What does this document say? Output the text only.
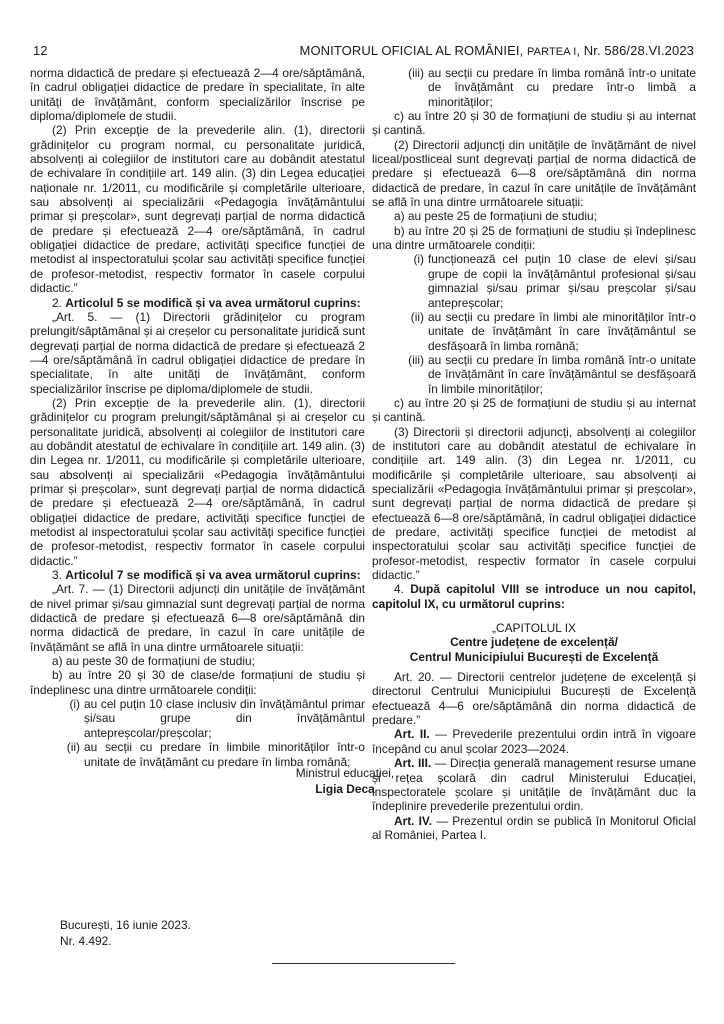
12	MONITORUL OFICIAL AL ROMÂNIEI, PARTEA I, Nr. 586/28.VI.2023

norma didactică de predare și efectuează 2—4 ore/săptămână, în cadrul obligației didactice de predare în specialitate, în alte unități de învățământ, conform specializărilor înscrise pe diploma/diplomele de studii.

(2) Prin excepție de la prevederile alin. (1), directorii grădinițelor cu program normal, cu personalitate juridică, absolvenți ai colegiilor de institutori care au dobândit atestatul de echivalare în condițiile art. 149 alin. (3) din Legea educației naționale nr. 1/2011, cu modificările și completările ulterioare, sau absolvenți ai specializării «Pedagogia învățământului primar și preșcolar», sunt degrevați parțial de norma didactică de predare și efectuează 2—4 ore/săptămână, în cadrul obligației didactice de predare, activități specifice funcției de metodist al inspectoratului școlar sau activități specifice funcției de profesor-metodist, respectiv formator în casele corpului didactic.”

2. Articolul 5 se modifică și va avea următorul cuprins:

„Art. 5. — (1) Directorii grădinițelor cu program prelungit/săptămânal și ai creșelor cu personalitate juridică sunt degrevați parțial de norma didactică de predare și efectuează 2—4 ore/săptămână în cadrul obligației didactice de predare în specialitate, în alte unități de învățământ, conform specializărilor înscrise pe diploma/diplomele de studii.

(2) Prin excepție de la prevederile alin. (1), directorii grădinițelor cu program prelungit/săptămânal și ai creșelor cu personalitate juridică, absolvenți ai colegiilor de institutori care au dobândit atestatul de echivalare în condițiile art. 149 alin. (3) din Legea nr. 1/2011, cu modificările și completările ulterioare, sau absolvenți ai specializării «Pedagogia învățământului primar și preșcolar», sunt degrevați parțial de norma didactică de predare și efectuează 2—4 ore/săptămână, în cadrul obligației didactice de predare, activități specifice funcției de metodist al inspectoratului școlar sau activități specifice funcției de profesor-metodist, respectiv formator în casele corpului didactic.”

3. Articolul 7 se modifică și va avea următorul cuprins:

„Art. 7. — (1) Directorii adjuncți din unitățile de învățământ de nivel primar și/sau gimnazial sunt degrevați parțial de norma didactică de predare și efectuează 6—8 ore/săptămână din norma didactică de predare, în cazul în care unitățile de învățământ se află în una dintre următoarele situații:

a) au peste 30 de formațiuni de studiu;

b) au între 20 și 30 de clase/de formațiuni de studiu și îndeplinesc una dintre următoarele condiții:

(i) au cel puțin 10 clase inclusiv din învățământul primar și/sau grupe din învățământul antepreșcolar/preșcolar;
(ii) au secții cu predare în limbile minorităților într-o unitate de învățământ cu predare în limba română;
(iii) au secții cu predare în limba română într-o unitate de învățământ cu predare într-o limbă a minorităților;

c) au între 20 și 30 de formațiuni de studiu și au internat și cantină.

(2) Directorii adjuncți din unitățile de învățământ de nivel liceal/postliceal sunt degrevați parțial de norma didactică de predare și efectuează 6—8 ore/săptămână din norma didactică de predare, în cazul în care unitățile de învățământ se află în una dintre următoarele situații:

a) au peste 25 de formațiuni de studiu;

b) au între 20 și 25 de formațiuni de studiu și îndeplinesc una dintre următoarele condiții:

(i) funcționează cel puțin 10 clase de elevi și/sau grupe de copii la învățământul profesional și/sau gimnazial și/sau primar și/sau preșcolar și/sau antepreșcolar;
(ii) au secții cu predare în limbi ale minorităților într-o unitate de învățământ în care învățământul se desfășoară în limba română;
(iii) au secții cu predare în limba română într-o unitate de învățământ în care învățământul se desfășoară în limbile minorităților;

c) au între 20 și 25 de formațiuni de studiu și au internat și cantină.

(3) Directorii și directorii adjuncți, absolvenți ai colegiilor de institutori care au dobândit atestatul de echivalare în condițiile art. 149 alin. (3) din Legea nr. 1/2011, cu modificările și completările ulterioare, sau absolvenți ai specializării «Pedagogia învățământului primar și preșcolar», sunt degrevați parțial de norma didactică de predare și efectuează 6—8 ore/săptămână, în cadrul obligației didactice de predare, activități specifice funcției de metodist al inspectoratului școlar sau activități specifice funcției de profesor-metodist, respectiv formator în casele corpului didactic.”

4. După capitolul VIII se introduce un nou capitol, capitolul IX, cu următorul cuprins:

„CAPITOLUL IX

Centre județene de excelență/

Centrul Municipiului București de Excelență

Art. 20. — Directorii centrelor județene de excelență și directorul Centrului Municipiului București de Excelență efectuează 4—6 ore/săptămână din norma didactică de predare.”

Art. II. — Prevederile prezentului ordin intră în vigoare începând cu anul școlar 2023—2024.

Art. III. — Direcția generală management resurse umane și rețea școlară din cadrul Ministerului Educației, inspectoratele școlare și unitățile de învățământ duc la îndeplinire prevederile prezentului ordin.

Art. IV. — Prezentul ordin se publică în Monitorul Oficial al României, Partea I.

Ministrul educației,
Ligia Deca
București, 16 iunie 2023.
Nr. 4.492.
